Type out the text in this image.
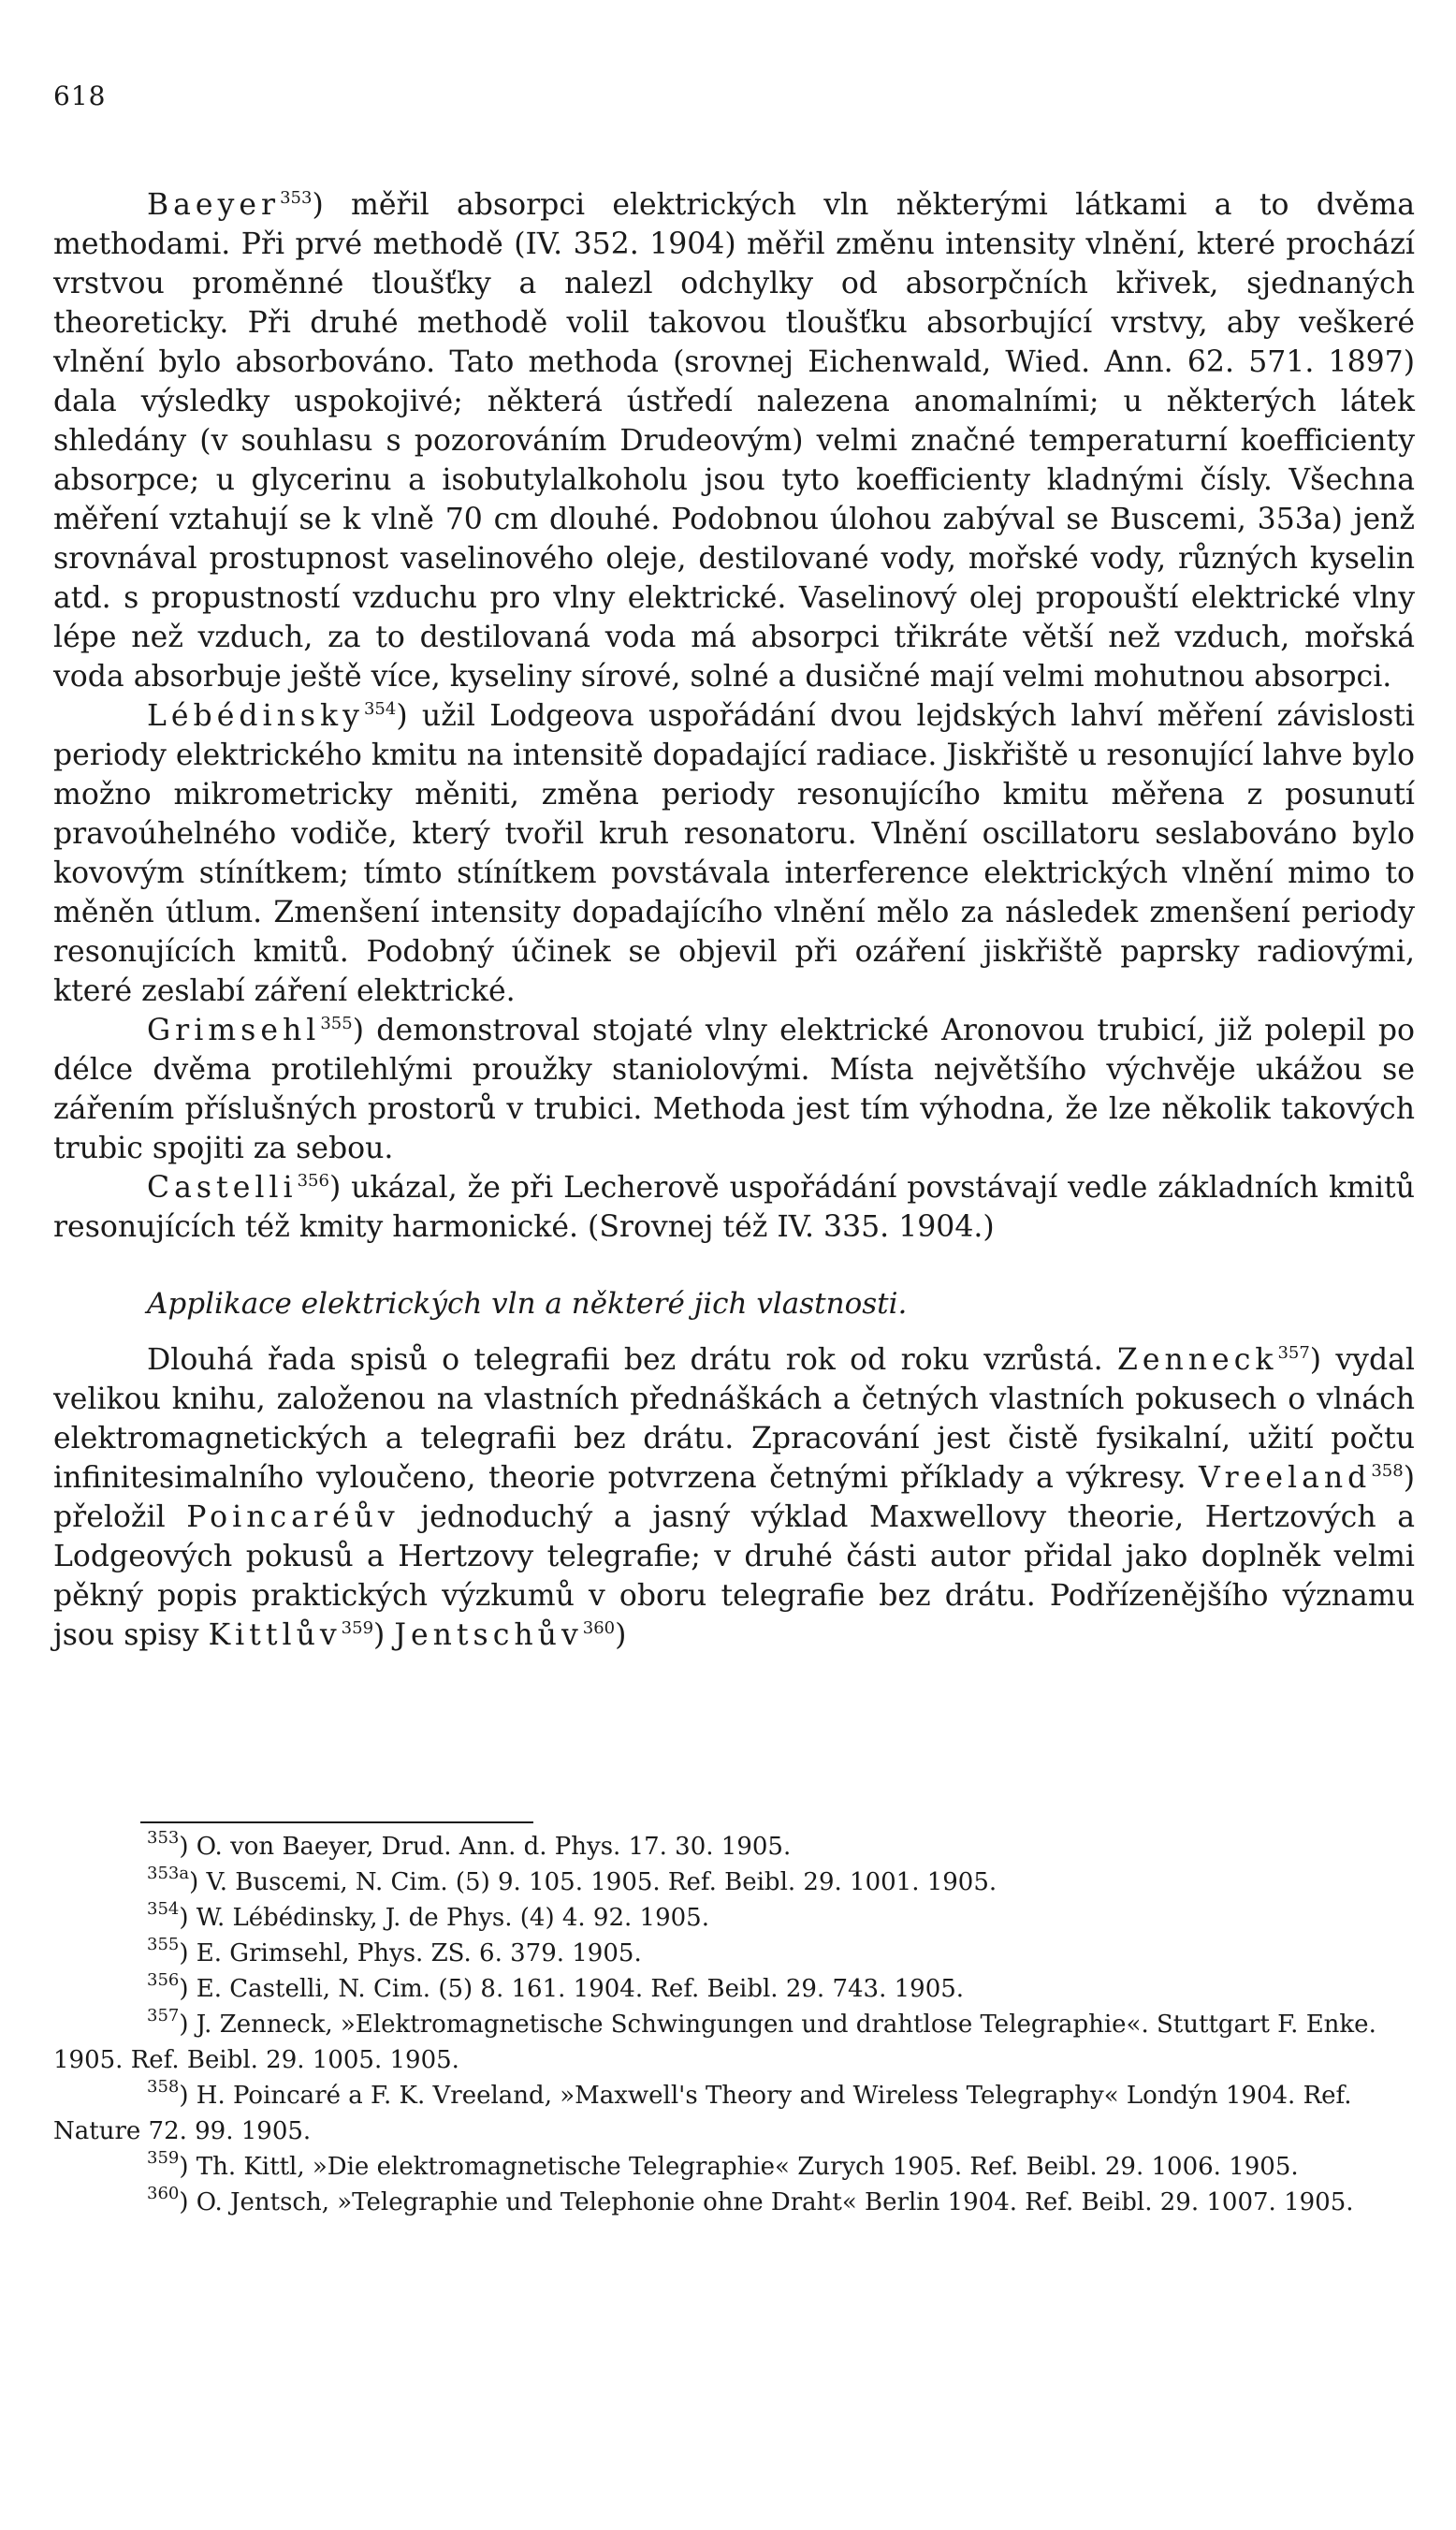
618

Baeyer$^{353}$) měřil absorpci elektrických vln některými látkami a to dvěma methodami. Při prvé methodě (IV. 352. 1904) měřil změnu intensity vlnění, které prochází vrstvou proměnné tloušťky a nalezl odchylky od absorpčních křivek, sjednaných theoreticky. Při druhé methodě volil takovou tloušťku absorbující vrstvy, aby veškeré vlnění bylo absorbováno. Tato methoda (srovnej Eichenwald, Wied. Ann. 62. 571. 1897) dala výsledky uspokojivé; některá ústředí nalezena anomalními; u některých látek shledány (v souhlasu s pozorováním Drudeovým) velmi značné temperaturní koefficienty absorpce; u glycerinu a isobutylalkoholu jsou tyto koefficienty kladnými čísly. Všechna měření vztahují se k vlně 70 cm dlouhé. Podobnou úlohou zabýval se Buscemi, 353a) jenž srovnával prostupnost vaselinového oleje, destilované vody, mořské vody, různých kyselin atd. s propustností vzduchu pro vlny elektrické. Vaselinový olej propouští elektrické vlny lépe než vzduch, za to destilovaná voda má absorpci třikráte větší než vzduch, mořská voda absorbuje ještě více, kyseliny sírové, solné a dusičné mají velmi mohutnou absorpci.

Lébédinsky$^{354}$) užil Lodgeova uspořádání dvou lejdských lahví měření závislosti periody elektrického kmitu na intensitě dopadající radiace. Jiskřiště u resonující lahve bylo možno mikrometricky měniti, změna periody resonujícího kmitu měřena z posunutí pravoúhelného vodiče, který tvořil kruh resonatoru. Vlnění oscillatoru seslabováno bylo kovovým stínítkem; tímto stínítkem povstávala interference elektrických vlnění mimo to měněn útlum. Zmenšení intensity dopadajícího vlnění mělo za následek zmenšení periody resonujících kmitů. Podobný účinek se objevil při ozáření jiskřiště paprsky radiovými, které zeslabí záření elektrické.

Grimsehl$^{355}$) demonstroval stojaté vlny elektrické Aronovou trubicí, již polepil po délce dvěma protilehlými proužky staniolovými. Místa největšího výchvěje ukážou se zářením příslušných prostorů v trubici. Methoda jest tím výhodna, že lze několik takových trubic spojiti za sebou.

Castelli$^{356}$) ukázal, že při Lecherově uspořádání povstávají vedle základních kmitů resonujících též kmity harmonické. (Srovnej též IV. 335. 1904.)

Applikace elektrických vln a některé jich vlastnosti.

Dlouhá řada spisů o telegrafii bez drátu rok od roku vzrůstá. Zenneck$^{357}$) vydal velikou knihu, založenou na vlastních přednáškách a četných vlastních pokusech o vlnách elektromagnetických a telegrafii bez drátu. Zpracování jest čistě fysikalní, užití počtu infinitesimalního vyloučeno, theorie potvrzena četnými příklady a výkresy. Vreeland$^{358}$) přeložil Poincaréův jednoduchý a jasný výklad Maxwellovy theorie, Hertzových a Lodgeových pokusů a Hertzovy telegrafie; v druhé části autor přidal jako doplněk velmi pěkný popis praktických výzkumů v oboru telegrafie bez drátu. Podřízenějšího významu jsou spisy Kittlův$^{359}$) Jentschův$^{360}$)

$^{353}$) O. von Baeyer, Drud. Ann. d. Phys. 17. 30. 1905.
$^{353a}$) V. Buscemi, N. Cim. (5) 9. 105. 1905. Ref. Beibl. 29. 1001. 1905.
$^{354}$) W. Lébédinsky, J. de Phys. (4) 4. 92. 1905.
$^{355}$) E. Grimsehl, Phys. ZS. 6. 379. 1905.
$^{356}$) E. Castelli, N. Cim. (5) 8. 161. 1904. Ref. Beibl. 29. 743. 1905.
$^{357}$) J. Zenneck, »Elektromagnetische Schwingungen und drahtlose Telegraphie«. Stuttgart F. Enke. 1905. Ref. Beibl. 29. 1005. 1905.
$^{358}$) H. Poincaré a F. K. Vreeland, »Maxwell's Theory and Wireless Telegraphy« Londýn 1904. Ref. Nature 72. 99. 1905.
$^{359}$) Th. Kittl, »Die elektromagnetische Telegraphie« Zurych 1905. Ref. Beibl. 29. 1006. 1905.
$^{360}$) O. Jentsch, »Telegraphie und Telephonie ohne Draht« Berlin 1904. Ref. Beibl. 29. 1007. 1905.
